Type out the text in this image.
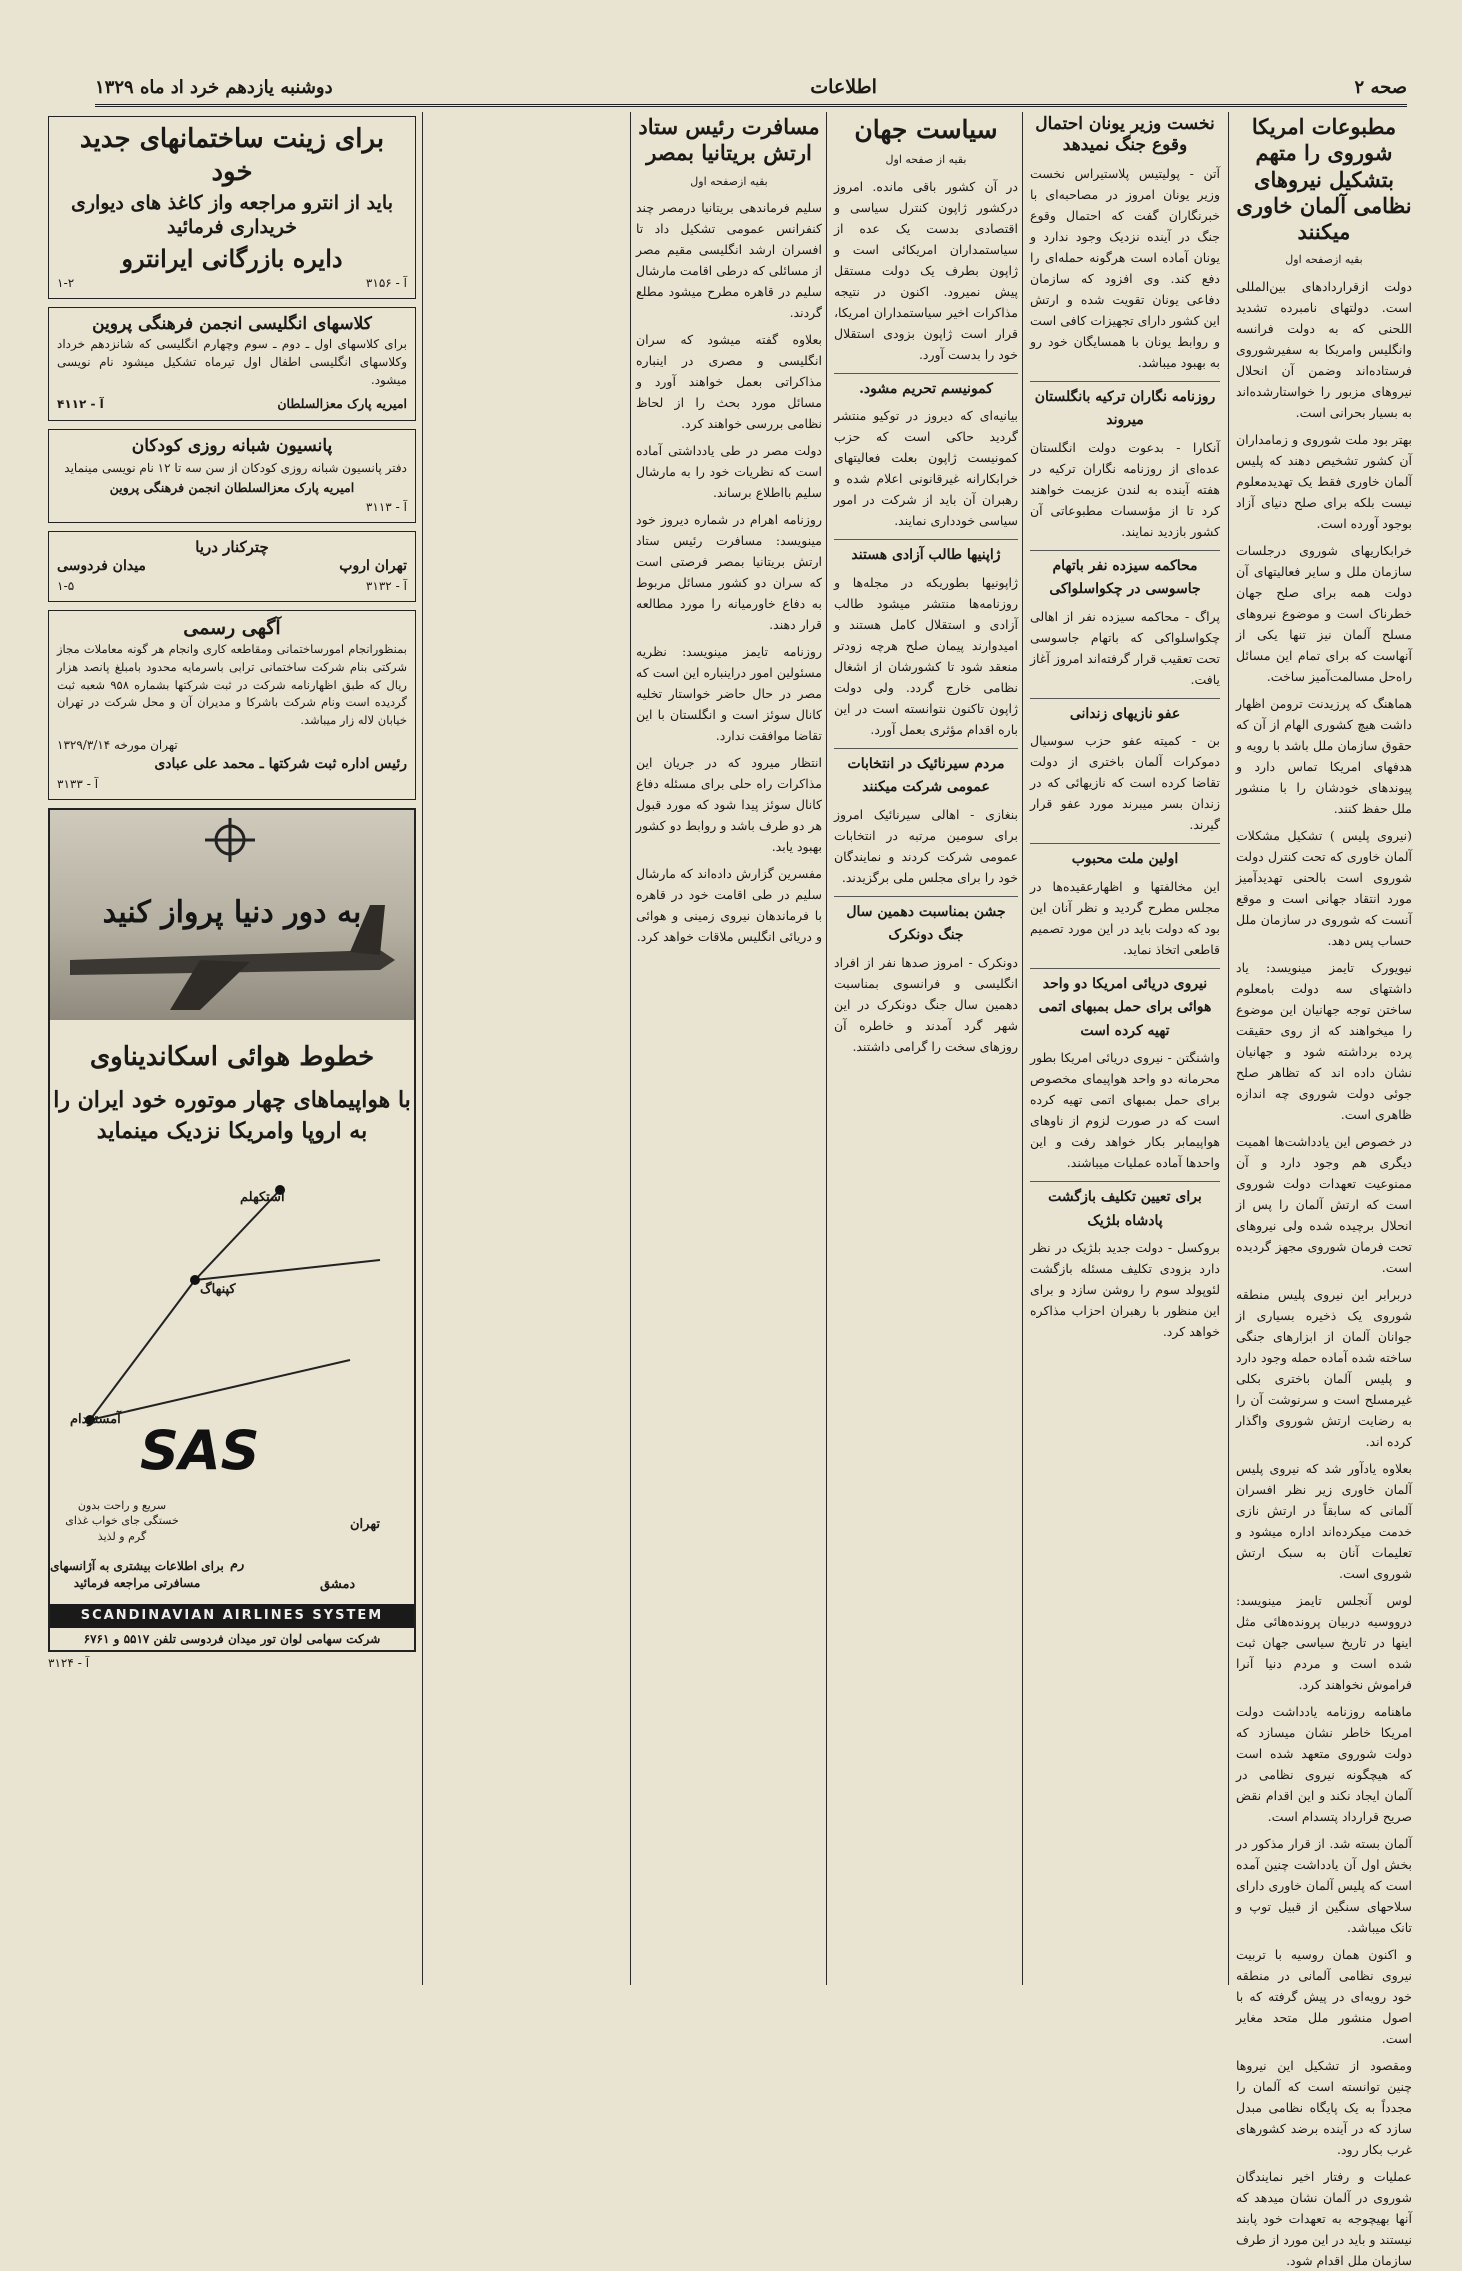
صحه ۲
اطلاعات
دوشنبه یازدهم خرد اد ماه ۱۳۲۹
مطبوعات امریکا شوروی را متهم بتشکیل نیروهای نظامی آلمان خاوری میکنند
بقیه ازصفحه اول

دولت ازقراردادهای بین‌المللی است. دولتهای نامبرده تشدید اللحنی که به دولت فرانسه وانگلیس وامریکا به سفیرشوروی فرستاده‌اند وضمن آن انحلال نیروهای مزبور را خواستارشده‌اند به بسیار بحرانی است.

بهتر بود ملت شوروی و زمامداران آن کشور تشخیص دهند که پلیس آلمان خاوری فقط یک تهدیدمعلوم نیست بلکه برای صلح دنیای آزاد بوجود آورده است.

خرابکاریهای شوروی درجلسات سازمان ملل و سایر فعالیتهای آن دولت همه برای صلح جهان خطرناک است و موضوع نیروهای مسلح آلمان نیز تنها یکی از آنهاست که برای تمام این مسائل راه‌حل مسالمت‌آمیز ساخت.

هماهنگ که پرزیدنت ترومن اظهار داشت هیچ کشوری الهام از آن که حقوق سازمان ملل باشد با رویه و هدفهای امریکا تماس دارد و پیوندهای خودشان را با منشور ملل حفظ کنند.

(نیروی پلیس ) تشکیل مشکلات آلمان خاوری که تحت کنترل دولت شوروی است بالحنی تهدیدآمیز مورد انتقاد جهانی است و موقع آنست که شوروی در سازمان ملل حساب پس دهد.

نیویورک تایمز مینویسد: یاد داشتهای سه دولت بامعلوم ساختن توجه جهانیان این موضوع را میخواهند که از روی حقیقت پرده برداشته شود و جهانیان نشان داده اند که تظاهر صلح جوئی دولت شوروی چه اندازه ظاهری است.

در خصوص این یادداشت‌ها اهمیت دیگری هم وجود دارد و آن ممنوعیت تعهدات دولت شوروی است که ارتش آلمان را پس از انحلال برچیده شده ولی نیروهای تحت فرمان شوروی مجهز گردیده است.

دربرابر این نیروی پلیس منطقه شوروی یک ذخیره بسیاری از جوانان آلمان از ابزارهای جنگی ساخته شده آماده حمله وجود دارد و پلیس آلمان باختری بکلی غیرمسلح است و سرنوشت آن را به رضایت ارتش شوروی واگذار کرده اند.

بعلاوه یادآور شد که نیروی پلیس آلمان خاوری زیر نظر افسران آلمانی که سابقاً در ارتش نازی خدمت میکرده‌اند اداره میشود و تعلیمات آنان به سبک ارتش شوروی است.

لوس آنجلس تایمز مینویسد: درووسیه دربیان پرونده‌هائی مثل اینها در تاریخ سیاسی جهان ثبت شده است و مردم دنیا آنرا فراموش نخواهند کرد.

ماهنامه روزنامه یادداشت دولت امریکا خاطر نشان میسازد که دولت شوروی متعهد شده است که هیچگونه نیروی نظامی در آلمان ایجاد نکند و این اقدام نقض صریح قرارداد پتسدام است.

آلمان بسته شد. از قرار مذکور در بخش اول آن یادداشت چنین آمده است که پلیس آلمان خاوری دارای سلاحهای سنگین از قبیل توپ و تانک میباشد.

و اکنون همان روسیه با تربیت نیروی نظامی آلمانی در منطقه خود رویه‌ای در پیش گرفته که با اصول منشور ملل متحد مغایر است.

ومقصود از تشکیل این نیروها چنین توانسته است که آلمان را مجدداً به یک پایگاه نظامی مبدل سازد که در آینده برضد کشورهای غرب بکار رود.

عملیات و رفتار اخیر نمایندگان شوروی در آلمان نشان میدهد که آنها بهیچوجه به تعهدات خود پابند نیستند و باید در این مورد از طرف سازمان ملل اقدام شود.

نخست وزیر یونان احتمال وقوع جنگ نمیدهد

آتن - پولیتیس پلاستیراس نخست وزیر یونان امروز در مصاحبه‌ای با خبرنگاران گفت که احتمال وقوع جنگ در آینده نزدیک وجود ندارد و یونان آماده است هرگونه حمله‌ای را دفع کند. وی افزود که سازمان دفاعی یونان تقویت شده و ارتش این کشور دارای تجهیزات کافی است و روابط یونان با همسایگان خود رو به بهبود میباشد.

روزنامه نگاران ترکیه بانگلستان میروند

آنکارا - بدعوت دولت انگلستان عده‌ای از روزنامه نگاران ترکیه در هفته آینده به لندن عزیمت خواهند کرد تا از مؤسسات مطبوعاتی آن کشور بازدید نمایند.

محاکمه سیزده نفر باتهام جاسوسی در چکواسلواکی

پراگ - محاکمه سیزده نفر از اهالی چکواسلواکی که باتهام جاسوسی تحت تعقیب قرار گرفته‌اند امروز آغاز یافت.

عفو نازیهای زندانی

بن - کمیته عفو حزب سوسیال دموکرات آلمان باختری از دولت تقاضا کرده است که نازیهائی که در زندان بسر میبرند مورد عفو قرار گیرند.

اولین ملت محبوب

این مخالفتها و اظهارعقیده‌ها در مجلس مطرح گردید و نظر آنان این بود که دولت باید در این مورد تصمیم قاطعی اتخاذ نماید.

نیروی دریائی امریکا دو واحد هوائی برای حمل بمبهای اتمی تهیه کرده است

واشنگتن - نیروی دریائی امریکا بطور محرمانه دو واحد هواپیمای مخصوص برای حمل بمبهای اتمی تهیه کرده است که در صورت لزوم از ناوهای هواپیمابر بکار خواهد رفت و این واحدها آماده عملیات میباشند.

برای تعیین تکلیف بازگشت پادشاه بلژیک

بروکسل - دولت جدید بلژیک در نظر دارد بزودی تکلیف مسئله بازگشت لئوپولد سوم را روشن سازد و برای این منظور با رهبران احزاب مذاکره خواهد کرد.

سیاست جهان
بقیه از صفحه اول

در آن کشور باقی مانده. امروز درکشور ژاپون کنترل سیاسی و اقتصادی بدست یک عده از سیاستمداران امریکائی است و ژاپون بطرف یک دولت مستقل پیش نمیرود. اکنون در نتیجه مذاکرات اخیر سیاستمداران امریکا، قرار است ژاپون بزودی استقلال خود را بدست آورد.

کمونیسم تحریم مشود.

بیانیه‌ای که دیروز در توکیو منتشر گردید حاکی است که حزب کمونیست ژاپون بعلت فعالیتهای خرابکارانه غیرقانونی اعلام شده و رهبران آن باید از شرکت در امور سیاسی خودداری نمایند.

ژاپنیها طالب آزادی هستند

ژاپونیها بطوریکه در مجله‌ها و روزنامه‌ها منتشر میشود طالب آزادی و استقلال کامل هستند و امیدوارند پیمان صلح هرچه زودتر منعقد شود تا کشورشان از اشغال نظامی خارج گردد. ولی دولت ژاپون تاکنون نتوانسته است در این باره اقدام مؤثری بعمل آورد.

مردم سیرنائیک در انتخابات عمومی شرکت میکنند

بنغازی - اهالی سیرنائیک امروز برای سومین مرتبه در انتخابات عمومی شرکت کردند و نمایندگان خود را برای مجلس ملی برگزیدند.

جشن بمناسبت دهمین سال جنگ دونکرک

دونکرک - امروز صدها نفر از افراد انگلیسی و فرانسوی بمناسبت دهمین سال جنگ دونکرک در این شهر گرد آمدند و خاطره آن روزهای سخت را گرامی داشتند.

مسافرت رئیس ستاد ارتش بریتانیا بمصر
بقیه ازصفحه اول

سلیم فرماندهی بریتانیا درمصر چند کنفرانس عمومی تشکیل داد تا افسران ارشد انگلیسی مقیم مصر از مسائلی که درطی اقامت مارشال سلیم در قاهره مطرح میشود مطلع گردند.

بعلاوه گفته میشود که سران انگلیسی و مصری در اینباره مذاکراتی بعمل خواهند آورد و مسائل مورد بحث را از لحاظ نظامی بررسی خواهند کرد.

دولت مصر در طی یادداشتی آماده است که نظریات خود را به مارشال سلیم بااطلاع برساند.

روزنامه اهرام در شماره دیروز خود مینویسد: مسافرت رئیس ستاد ارتش بریتانیا بمصر فرصتی است که سران دو کشور مسائل مربوط به دفاع خاورمیانه را مورد مطالعه قرار دهند.

روزنامه تایمز مینویسد: نظریه مسئولین امور دراینباره این است که مصر در حال حاضر خواستار تخلیه کانال سوئز است و انگلستان با این تقاضا موافقت ندارد.

انتظار میرود که در جریان این مذاکرات راه حلی برای مسئله دفاع کانال سوئز پیدا شود که مورد قبول هر دو طرف باشد و روابط دو کشور بهبود یابد.

مفسرین گزارش داده‌اند که مارشال سلیم در طی اقامت خود در قاهره با فرماندهان نیروی زمینی و هوائی و دریائی انگلیس ملاقات خواهد کرد.

برای زینت ساختمانهای جدید خود
باید از انترو مراجعه واز کاغذ های دیواری خریداری فرمائید
دایره بازرگانی ایرانترو
آ - ۳۱۵۶
۱-۲
کلاسهای انگلیسی انجمن فرهنگی پروین

برای کلاسهای اول ـ دوم ـ سوم وچهارم انگلیسی که شانزدهم خرداد وکلاسهای انگلیسی اطفال اول تیرماه تشکیل میشود نام نویسی میشود.

امیریه پارک معزالسلطان
آ - ۴۱۱۲
پانسیون شبانه روزی کودکان

دفتر پانسیون شبانه روزی کودکان از سن سه تا ۱۲ نام نویسی مینماید

امیریه پارک معزالسلطان انجمن فرهنگی پروین
آ - ۳۱۱۳
چترکنار دریا
تهران اروپ
میدان فردوسی
آ - ۳۱۳۲
۱-۵
آگهی رسمی

بمنظورانجام امورساختمانی ومقاطعه کاری وانجام هر گونه معاملات مجاز شرکتی بنام شرکت ساختمانی ترابی باسرمایه محدود بامبلغ پانصد هزار ریال که طبق اظهارنامه شرکت در ثبت شرکتها بشماره ۹۵۸ شعبه ثبت گردیده است ونام شرکت باشرکا و مدیران آن و محل شرکت در تهران خیابان لاله زار میباشد.

تهران مورخه ۱۳۲۹/۳/۱۴
رئیس اداره ثبت شرکتها ـ محمد علی عبادی
آ - ۳۱۳۳
به دور دنیا پرواز کنید
خطوط هوائی اسکاندیناوی
با هواپیماهای چهار موتوره خود ایران را به اروپا وامریکا نزدیک مینماید
استکهلم
کپنهاگ
آمستردام
رم
تهران
دمشق
SAS
سریع و راحت بدون خستگی جای خواب غذای گرم و لذیذ
برای اطلاعات بیشتری به آژانسهای مسافرتی مراجعه فرمائید
SCANDINAVIAN AIRLINES SYSTEM
شرکت سهامی لوان تور میدان فردوسی تلفن ۵۵۱۷ و ۶۷۶۱
آ - ۳۱۲۴
